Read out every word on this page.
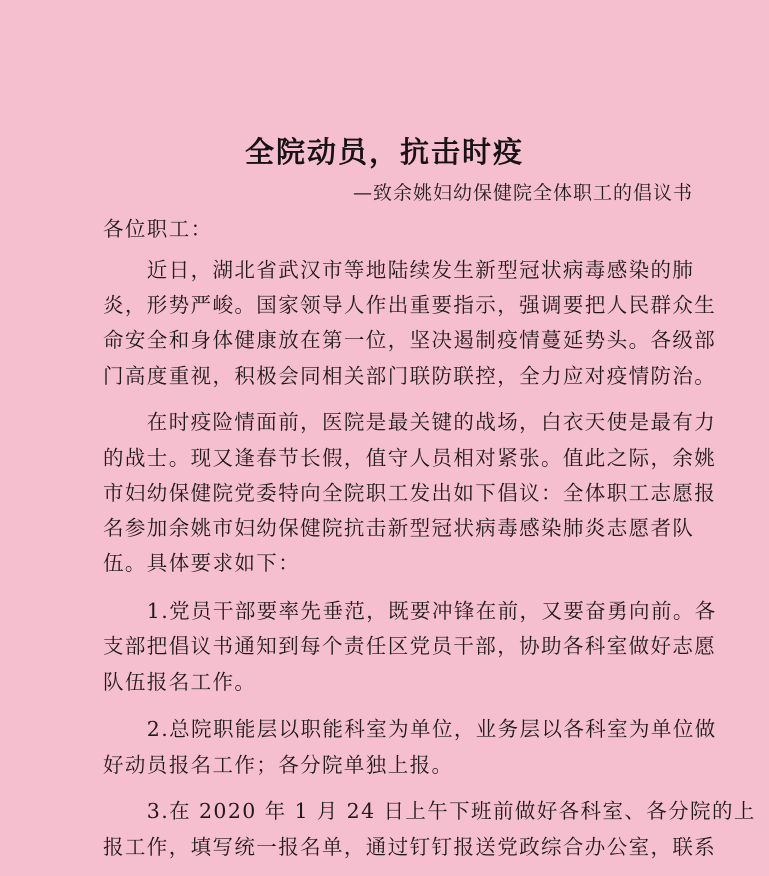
全院动员，抗击时疫
—致余姚妇幼保健院全体职工的倡议书
各位职工：
　　近日，湖北省武汉市等地陆续发生新型冠状病毒感染的肺
炎，形势严峻。国家领导人作出重要指示，强调要把人民群众生
命安全和身体健康放在第一位，坚决遏制疫情蔓延势头。各级部
门高度重视，积极会同相关部门联防联控，全力应对疫情防治。
　　在时疫险情面前，医院是最关键的战场，白衣天使是最有力
的战士。现又逢春节长假，值守人员相对紧张。值此之际，余姚
市妇幼保健院党委特向全院职工发出如下倡议：全体职工志愿报
名参加余姚市妇幼保健院抗击新型冠状病毒感染肺炎志愿者队
伍。具体要求如下：
　　1.党员干部要率先垂范，既要冲锋在前，又要奋勇向前。各
支部把倡议书通知到每个责任区党员干部，协助各科室做好志愿
队伍报名工作。
　　2.总院职能层以职能科室为单位，业务层以各科室为单位做
好动员报名工作；各分院单独上报。
　　3.在 2020 年 1 月 24 日上午下班前做好各科室、各分院的上
报工作，填写统一报名单，通过钉钉报送党政综合办公室，联系
